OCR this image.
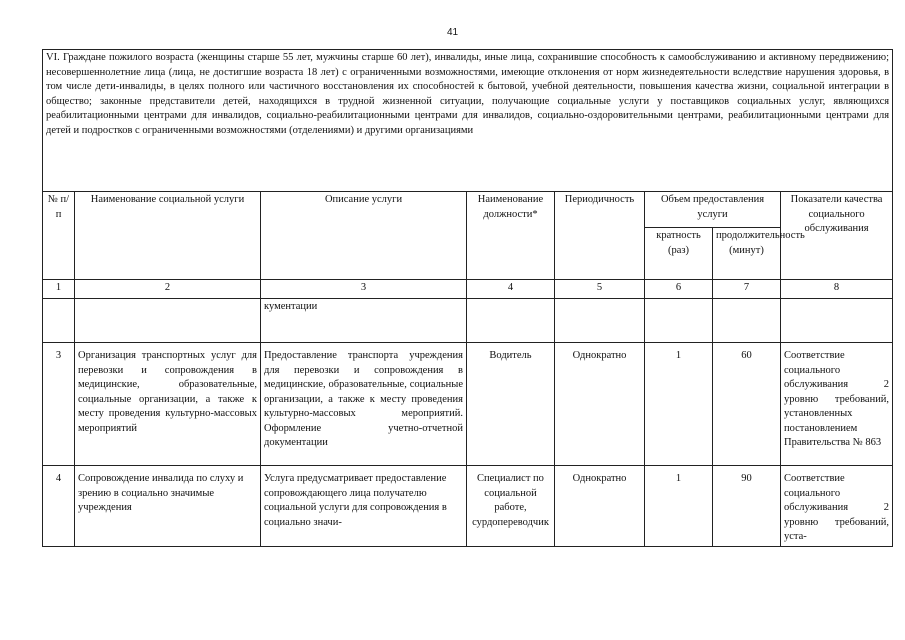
41
VI. Граждане пожилого возраста (женщины старше 55 лет, мужчины старше 60 лет), инвалиды, иные лица, сохранившие способность к самообслуживанию и активному передвижению; несовершеннолетние лица (лица, не достигшие возраста 18 лет) с ограниченными возможностями, имеющие отклонения от норм жизнедеятельности вследствие нарушения здоровья, в том числе дети-инвалиды, в целях полного или частичного восстановления их способностей к бытовой, учебной деятельности, повышения качества жизни, социальной интеграции в общество; законные представители детей, находящихся в трудной жизненной ситуации, получающие социальные услуги у поставщиков социальных услуг, являющихся реабилитационными центрами для инвалидов, социально-реабилитационными центрами для инвалидов, социально-оздоровительными центрами, реабилитационными центрами для детей и подростков с ограниченными возможностями (отделениями) и другими организациями							
№ п/п	Наименование социальной услуги	Описание услуги	Наименование должности*	Периодичность	Объем предоставления услуги		Показатели качества социального обслуживания
					кратность (раз)	продолжительность (минут)	
1	2	3	4	5	6	7	8
		кументации					
3	Организация транспортных услуг для перевозки и сопровождения в медицинские, образовательные, социальные организации, а также к месту проведения культурно-массовых мероприятий	Предоставление транспорта учреждения для перевозки и сопровождения в медицинские, образовательные, социальные организации, а также к месту проведения культурно-массовых мероприятий. Оформление учетно-отчетной документации	Водитель	Однократно	1	60	Соответствие социального обслуживания 2 уровню требований, установленных постановлением Правительства № 863
4	Сопровождение инвалида по слуху и зрению в социально значимые учреждения	Услуга предусматривает предоставление сопровождающего лица получателю социальной услуги для сопровождения в социально значи-	Специалист по социальной работе, сурдопереводчик	Однократно	1	90	Соответствие социального обслуживания 2 уровню требований, уста-
